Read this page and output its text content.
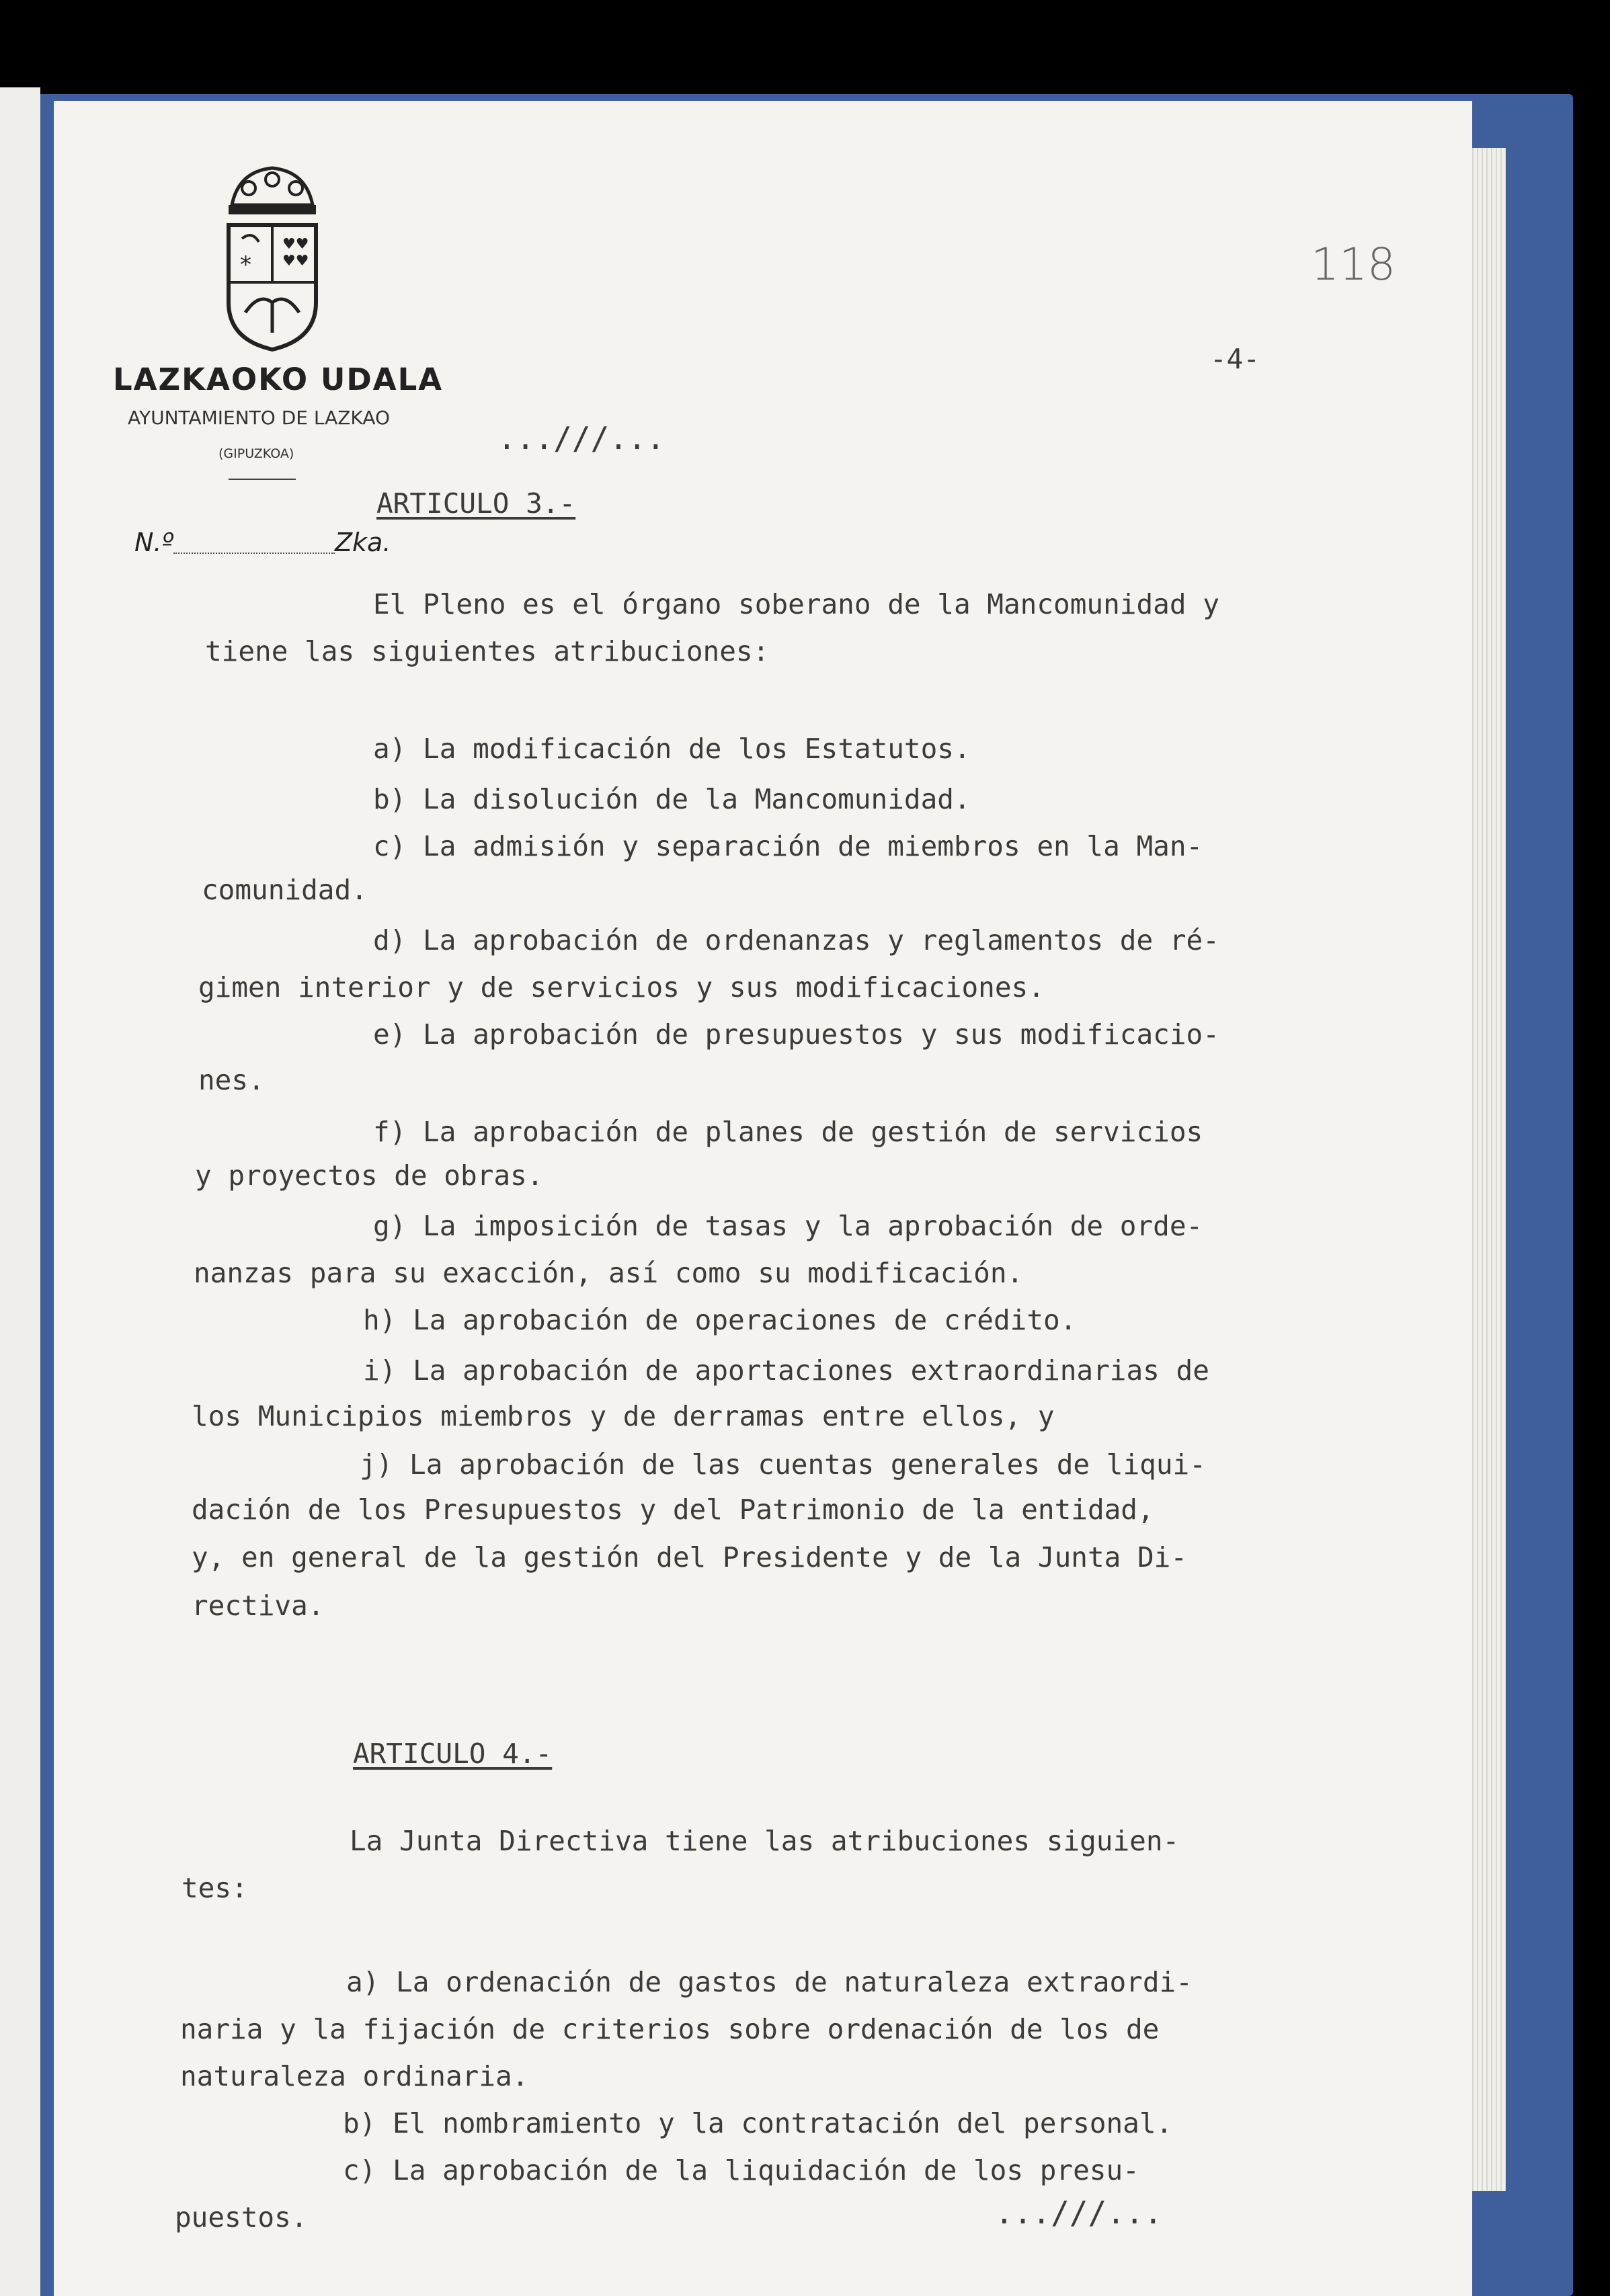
*
♥♥
♥♥
LAZKAOKO UDALA
AYUNTAMIENTO DE LAZKAO
(GIPUZKOA)
N.º	Zka.
118
-4-
...///...
ARTICULO 3.-
El Pleno es el órgano soberano de la Mancomunidad y
tiene las siguientes atribuciones:
a) La modificación de los Estatutos.
b) La disolución de la Mancomunidad.
c) La admisión y separación de miembros en la Man-
comunidad.
d) La aprobación de ordenanzas y reglamentos de ré-
gimen interior y de servicios y sus modificaciones.
e) La aprobación de presupuestos y sus modificacio-
nes.
f) La aprobación de planes de gestión de servicios
y proyectos de obras.
g) La imposición de tasas y la aprobación de orde-
nanzas para su exacción, así como su modificación.
h) La aprobación de operaciones de crédito.
i) La aprobación de aportaciones extraordinarias de
los Municipios miembros y de derramas entre ellos, y
j) La aprobación de las cuentas generales de liqui-
dación de los Presupuestos y del Patrimonio de la entidad,
y, en general de la gestión del Presidente y de la Junta Di-
rectiva.
ARTICULO 4.-
La Junta Directiva tiene las atribuciones siguien-
tes:
a) La ordenación de gastos de naturaleza extraordi-
naria y la fijación de criterios sobre ordenación de los de
naturaleza ordinaria.
b) El nombramiento y la contratación del personal.
c) La aprobación de la liquidación de los presu-
puestos.	...///...
